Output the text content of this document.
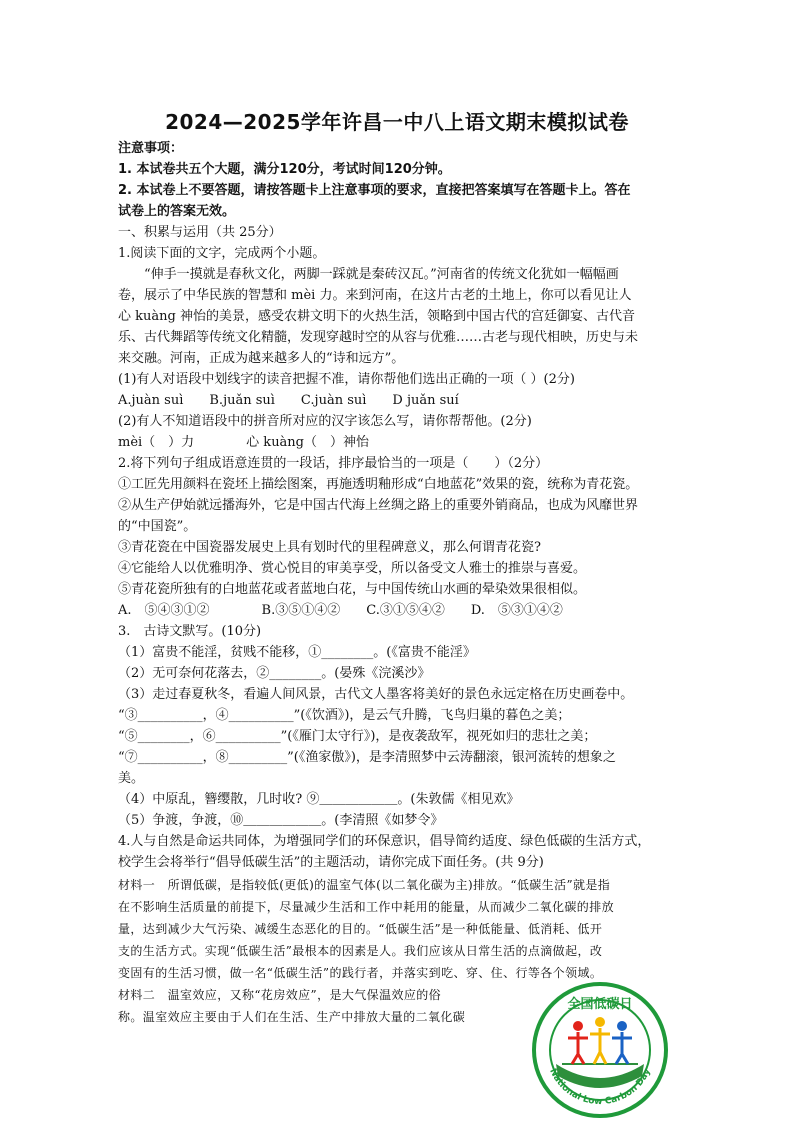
2024—2025学年许昌一中八上语文期末模拟试卷
注意事项：
1. 本试卷共五个大题，满分120分，考试时间120分钟。
2. 本试卷上不要答题，请按答题卡上注意事项的要求，直接把答案填写在答题卡上。答在
试卷上的答案无效。
一、积累与运用（共 25分）
1.阅读下面的文字，完成两个小题。
　　“伸手一摸就是春秋文化，两脚一踩就是秦砖汉瓦。”河南省的传统文化犹如一幅幅画
卷，展示了中华民族的智慧和 mèi 力。来到河南，在这片古老的土地上，你可以看见让人
心 kuàng 神怡的美景，感受农耕文明下的火热生活，领略到中国古代的宫廷御宴、古代音
乐、古代舞蹈等传统文化精髓，发现穿越时空的从容与优雅……古老与现代相映，历史与未
来交融。河南，正成为越来越多人的“诗和远方”。
(1)有人对语段中划线字的读音把握不准，请你帮他们选出正确的一项（ ）(2分)
A.juàn suì　　B.juǎn suì　　C.juàn suì　　D juǎn suí
(2)有人不知道语段中的拼音所对应的汉字该怎么写，请你帮帮他。(2分)
mèi（　）力　　　　心 kuàng（　）神怡
2.将下列句子组成语意连贯的一段话，排序最恰当的一项是（　　）（2分）
①工匠先用颜料在瓷坯上描绘图案，再施透明釉形成“白地蓝花”效果的瓷，统称为青花瓷。
②从生产伊始就远播海外，它是中国古代海上丝绸之路上的重要外销商品，也成为风靡世界
的“中国瓷”。
③青花瓷在中国瓷器发展史上具有划时代的里程碑意义，那么何谓青花瓷?
④它能给人以优雅明净、赏心悦目的审美享受，所以备受文人雅士的推崇与喜爱。
⑤青花瓷所独有的白地蓝花或者蓝地白花，与中国传统山水画的晕染效果很相似。
A.　⑤④③①②　　　　B.③⑤①④②　　C.③①⑤④②　　D.　⑤③①④②
3.　古诗文默写。(10分)
（1）富贵不能淫，贫贱不能移，①________。(《富贵不能淫》
（2）无可奈何花落去，②________。(晏殊《浣溪沙》
（3）走过春夏秋冬，看遍人间风景，古代文人墨客将美好的景色永远定格在历史画卷中。
“③__________，④__________”(《饮酒》)，是云气升腾，飞鸟归巢的暮色之美；
“⑤________，⑥__________”(《雁门太守行》)，是夜袭敌军，视死如归的悲壮之美；
“⑦__________，⑧_________”(《渔家傲》)，是李清照梦中云涛翻滚，银河流转的想象之
美。
（4）中原乱，簪缨散，几时收? ⑨＿＿＿＿＿＿。(朱敦儒《相见欢》
（5）争渡，争渡，⑩＿＿＿＿＿＿。(李清照《如梦令》
4.人与自然是命运共同体，为增强同学们的环保意识，倡导简约适度、绿色低碳的生活方式，
校学生会将举行“倡导低碳生活”的主题活动，请你完成下面任务。(共 9分)
材料一　所谓低碳，是指较低(更低)的温室气体(以二氧化碳为主)排放。“低碳生活”就是指
在不影响生活质量的前提下，尽量减少生活和工作中耗用的能量，从而减少二氧化碳的排放
量，达到减少大气污染、减缓生态恶化的目的。“低碳生活”是一种低能量、低消耗、低开
支的生活方式。实现“低碳生活”最根本的因素是人。我们应该从日常生活的点滴做起，改
变固有的生活习惯，做一名“低碳生活”的践行者，并落实到吃、穿、住、行等各个领域。
材料二　温室效应，又称“花房效应”，是大气保温效应的俗
称。温室效应主要由于人们在生活、生产中排放大量的二氧化碳
全国低碳日
National Low Carbon Day
